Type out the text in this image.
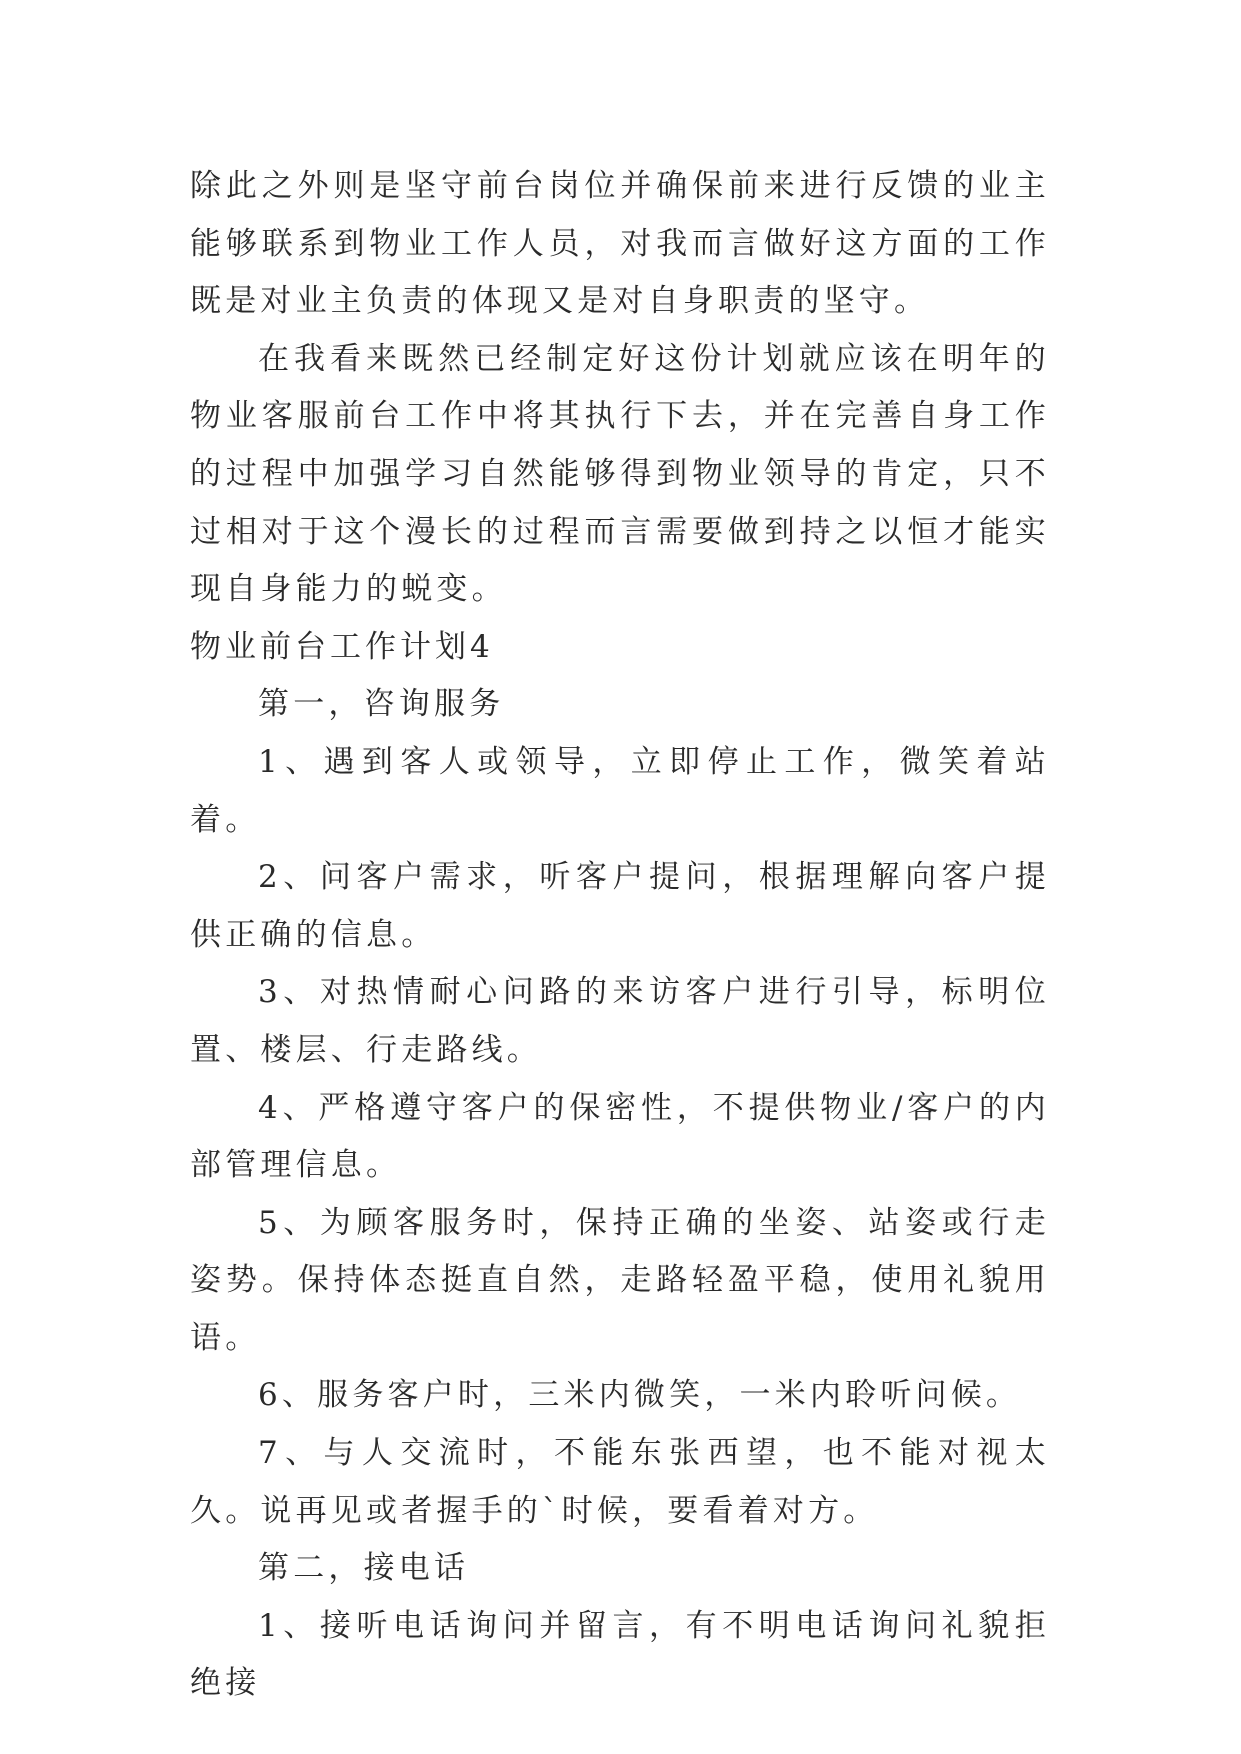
除此之外则是坚守前台岗位并确保前来进行反馈的业主能够联系到物业工作人员，对我而言做好这方面的工作既是对业主负责的体现又是对自身职责的坚守。

在我看来既然已经制定好这份计划就应该在明年的物业客服前台工作中将其执行下去，并在完善自身工作的过程中加强学习自然能够得到物业领导的肯定，只不过相对于这个漫长的过程而言需要做到持之以恒才能实现自身能力的蜕变。

物业前台工作计划4

第一，咨询服务

1、遇到客人或领导，立即停止工作，微笑着站着。

2、问客户需求，听客户提问，根据理解向客户提供正确的信息。

3、对热情耐心问路的来访客户进行引导，标明位置、楼层、行走路线。

4、严格遵守客户的保密性，不提供物业/客户的内部管理信息。

5、为顾客服务时，保持正确的坐姿、站姿或行走姿势。保持体态挺直自然，走路轻盈平稳，使用礼貌用语。

6、服务客户时，三米内微笑，一米内聆听问候。

7、与人交流时，不能东张西望，也不能对视太久。说再见或者握手的`时候，要看着对方。

第二，接电话

1、接听电话询问并留言，有不明电话询问礼貌拒绝接
